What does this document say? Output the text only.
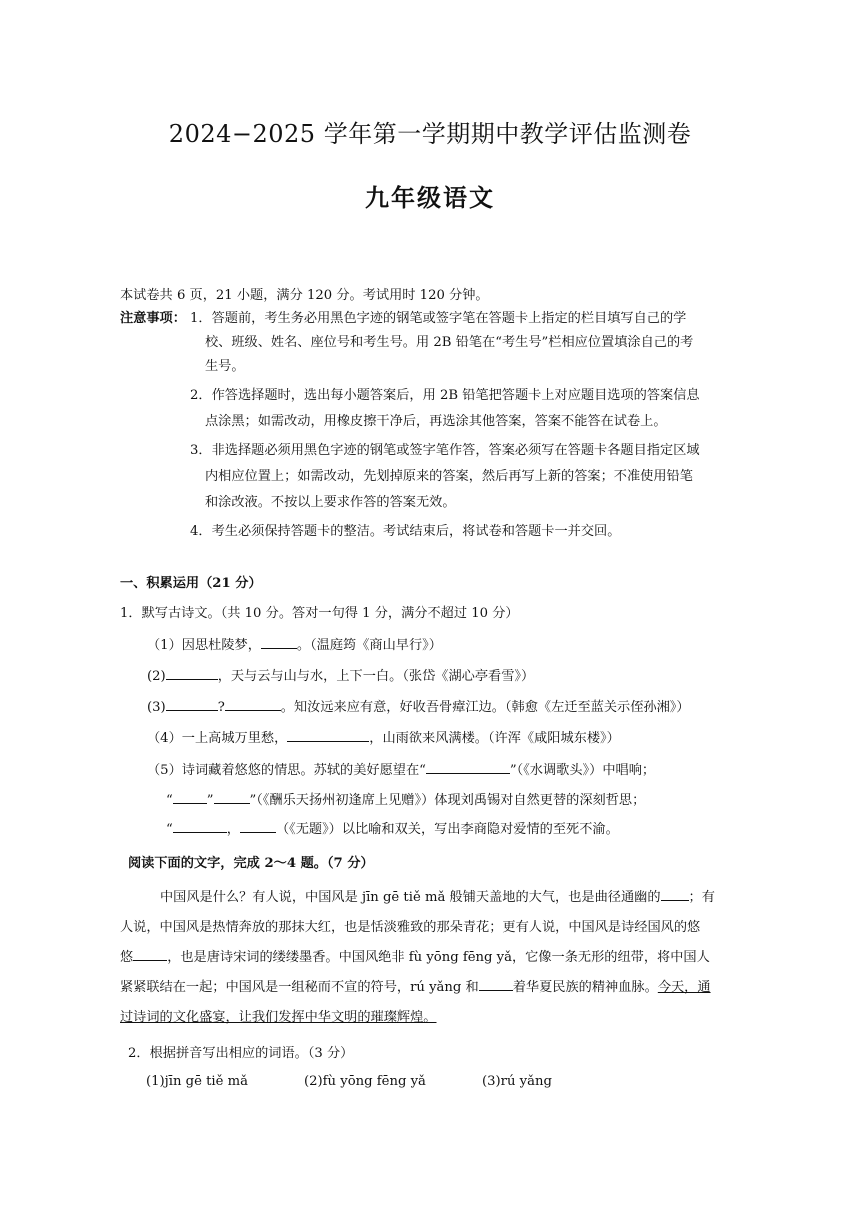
2024−2025 学年第一学期期中教学评估监测卷
九年级语文
本试卷共 6 页，21 小题，满分 120 分。考试用时 120 分钟。
注意事项： 1．答题前，考生务必用黑色字迹的钢笔或签字笔在答题卡上指定的栏目填写自己的学
校、班级、姓名、座位号和考生号。用 2B 铅笔在“考生号”栏相应位置填涂自己的考
生号。
2．作答选择题时，选出每小题答案后，用 2B 铅笔把答题卡上对应题目选项的答案信息
点涂黑；如需改动，用橡皮擦干净后，再选涂其他答案，答案不能答在试卷上。
3．非选择题必须用黑色字迹的钢笔或签字笔作答，答案必须写在答题卡各题目指定区域
内相应位置上；如需改动，先划掉原来的答案，然后再写上新的答案；不准使用铅笔
和涂改液。不按以上要求作答的答案无效。
4．考生必须保持答题卡的整洁。考试结束后，将试卷和答题卡一并交回。
一、积累运用（21 分）
1．默写古诗文。（共 10 分。答对一句得 1 分，满分不超过 10 分）
（1）因思杜陵梦，	。（温庭筠《商山早行》）
(2)	，天与云与山与水，上下一白。（张岱《湖心亭看雪》）
(3)	?	。知汝远来应有意，好收吾骨瘴江边。（韩愈《左迁至蓝关示侄孙湘》）
（4）一上高城万里愁，	，山雨欲来风满楼。（许浑《咸阳城东楼》）
（5）诗词藏着悠悠的情思。苏轼的美好愿望在“	”（《水调歌头》）中唱响；
“	”	”（《酬乐天扬州初逢席上见赠》）体现刘禹锡对自然更替的深刻哲思；
“	，	（《无题》）以比喻和双关，写出李商隐对爱情的至死不渝。
阅读下面的文字，完成 2～4 题。（7 分）
中国风是什么？有人说，中国风是 jīn gē tiě mǎ 般铺天盖地的大气，也是曲径通幽的 ；有
人说，中国风是热情奔放的那抹大红，也是恬淡雅致的那朵青花；更有人说，中国风是诗经国风的悠
悠	，也是唐诗宋词的缕缕墨香。中国风绝非 fù yōng fēng yǎ，它像一条无形的纽带，将中国人
紧紧联结在一起；中国风是一组秘而不宣的符号，rú yǎng 和	着华夏民族的精神血脉。今天，通
过诗词的文化盛宴，让我们发挥中华文明的璀璨辉煌。
2．根据拼音写出相应的词语。（3 分）
(1)jīn gē tiě mǎ	(2)fù yōng fēng yǎ	(3)rú yǎng
